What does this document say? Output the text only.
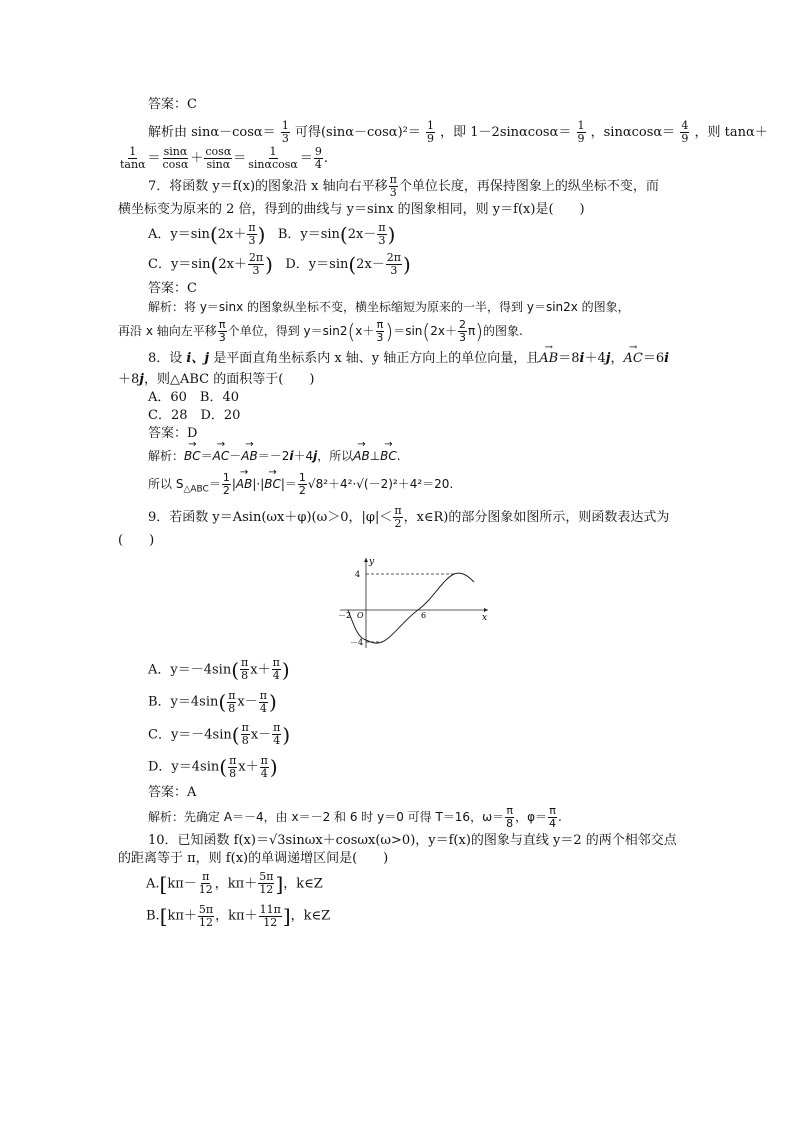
答案：C
解析由 $\sin\alpha-\cos\alpha= \frac{1}{3}$ 可得$(\sin\alpha-\cos\alpha)^2= \frac{1}{9}$ ，即 $1-2\sin\alpha\cos\alpha= \frac{1}{9}$ ，$\sin\alpha\cos\alpha= \frac{4}{9}$ ，则 tanα＋
$\frac{1}{\tan\alpha} = \frac{\sin\alpha}{\cos\alpha} + \frac{\cos\alpha}{\sin\alpha} = \frac{1}{\sin\alpha\cos\alpha} = \frac{9}{4}$ .
7．将函数 y＝f(x)的图象沿 x 轴向右平移 $\frac{\pi}{3}$ 个单位长度，再保持图象上的纵坐标不变，而
横坐标变为原来的 2 倍，得到的曲线与 y＝sinx 的图象相同，则 y＝f(x)是(　　)
A．$y=\sin(2x+ \frac{\pi}{3}$ ) B．$y=\sin(2x- \frac{\pi}{3}$ )
C．$y=\sin(2x+ \frac{2\pi}{3}$ ) D．$y=\sin(2x- \frac{2\pi}{3}$ )
答案：C
解析：将 y＝sinx 的图象纵坐标不变，横坐标缩短为原来的一半，得到 y＝sin2x 的图象，
再沿 x 轴向左平移 $\frac{\pi}{3}$ 个单位，得到 $y=\sin 2(x+ \frac{\pi}{3} )=\sin(2x+ \frac{2}{3} \pi)$的图象.
8．设 i、j 是平面直角坐标系内 x 轴、y 轴正方向上的单位向量，且→ AB＝8i＋4j，→ AC＝6i
＋8j，则△ABC 的面积等于(　　)
A．60　B．40
C．28　D．20
答案：D
解析：→ BC＝→ AC－→ AB＝－2i＋4j，所以→ AB⊥→ BC.
所以 $S_{\triangle ABC}= \frac{1}{2}$ |→ $AB|\cdot|\to BC|= \frac{1}{2} √8^2+4^2\cdot√(-2)^2+4^2=20$.
9．若函数 y＝Asin(ωx＋φ)(ω＞0，$|\varphi|< \frac{\pi}{2}$ ，x∈R)的部分图象如图所示，则函数表达式为
(　　)
y
x
O
4
－4
－2	6
A．$y=-4\sin( \frac{\pi}{8} x+ \frac{\pi}{4}$ )
B．$y=4\sin( \frac{\pi}{8} x- \frac{\pi}{4}$ )
C．$y=-4\sin( \frac{\pi}{8} x- \frac{\pi}{4}$ )
D．$y=4\sin( \frac{\pi}{8} x+ \frac{\pi}{4}$ )
答案：A
解析：先确定 A＝－4，由 x＝－2 和 6 时 y＝0 可得 T＝16，$\omega= \frac{\pi}{8}$ ，$\varphi= \frac{\pi}{4}$ .
10．已知函数 f(x)＝√3sinωx＋cosωx(ω>0)，y＝f(x)的图象与直线 y＝2 的两个相邻交点
的距离等于 π，则 f(x)的单调递增区间是(　　)
$A.[k\pi- \frac{\pi}{12}$ ，$k\pi+ \frac{5\pi}{12}$ ]，k∈Z
$B.[k\pi+ \frac{5\pi}{12}$ ，$k\pi+ \frac{11\pi}{12}$ ]，k∈Z
